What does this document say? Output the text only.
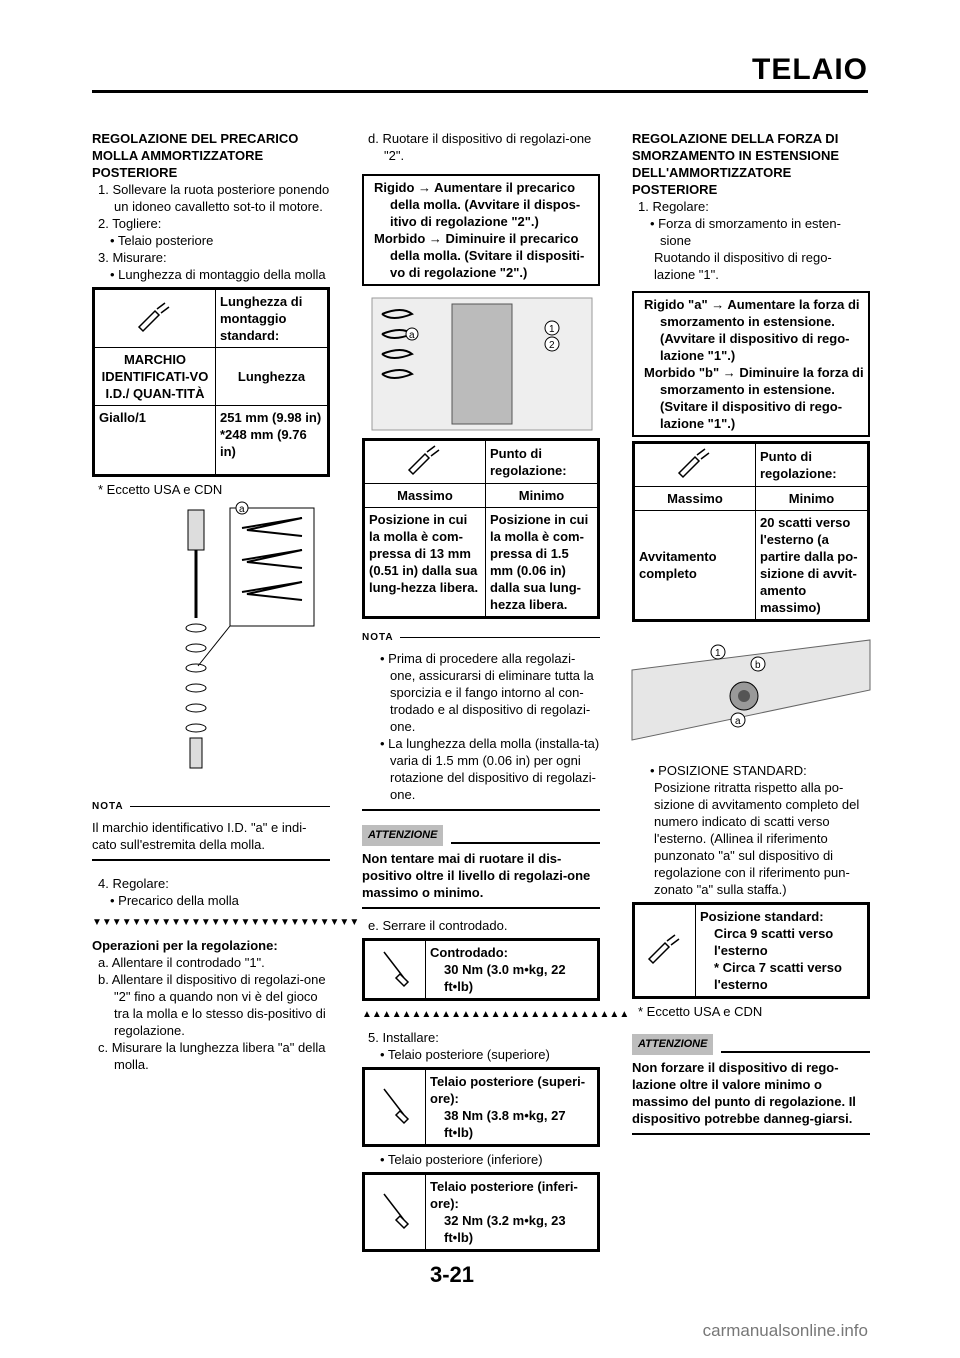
TELAIO

REGOLAZIONE DEL PRECARICO MOLLA AMMORTIZZATORE POSTERIORE

1. Sollevare la ruota posteriore ponendo un idoneo cavalletto sot-to il motore.

2. Togliere:

• Telaio posteriore

3. Misurare:

• Lunghezza di montaggio della molla

	Lunghezza di montaggio standard:
MARCHIO IDENTIFICATI-VO I.D./ QUAN-TITÀ	Lunghezza
Giallo/1	251 mm (9.98 in) *248 mm (9.76 in)

* Eccetto USA e CDN

a
NOTA

Il marchio identificativo I.D. "a" e indi-cato sull'estremita della molla.

4. Regolare:

• Precarico della molla

▼▼▼▼▼▼▼▼▼▼▼▼▼▼▼▼▼▼▼▼▼▼▼▼▼▼▼

Operazioni per la regolazione:

a. Allentare il controdado "1".

b. Allentare il dispositivo di regolazi-one "2" fino a quando non vi è del gioco tra la molla e lo stesso dis-positivo di regolazione.

c. Misurare la lunghezza libera "a" della molla.

d. Ruotare il dispositivo di regolazi-one "2".

Rigido → Aumentare il precarico della molla. (Avvitare il dispos-itivo di regolazione "2".)

Morbido → Diminuire il precarico della molla. (Svitare il dispositi-vo di regolazione "2".)

1
2
a
	Punto di regolazione:
Massimo	Minimo
Posizione in cui la molla è com-pressa di 13 mm (0.51 in) dalla sua lung-hezza libera.	Posizione in cui la molla è com-pressa di 1.5 mm (0.06 in) dalla sua lung-hezza libera.
NOTA

• Prima di procedere alla regolazi-one, assicurarsi di eliminare tutta la sporcizia e il fango intorno al con-trodado e al dispositivo di regolazi-one.

• La lunghezza della molla (installa-ta) varia di 1.5 mm (0.06 in) per ogni rotazione del dispositivo di regolazi-one.

ATTENZIONE

Non tentare mai di ruotare il dis-positivo oltre il livello di regolazi-one massimo o minimo.

e. Serrare il controdado.

Controdado:
30 Nm (3.0 m•kg, 22 ft•lb)
▲▲▲▲▲▲▲▲▲▲▲▲▲▲▲▲▲▲▲▲▲▲▲▲▲▲▲

5. Installare:

• Telaio posteriore (superiore)

Telaio posteriore (superi-ore):
38 Nm (3.8 m•kg, 27 ft•lb)

• Telaio posteriore (inferiore)

Telaio posteriore (inferi-ore):
32 Nm (3.2 m•kg, 23 ft•lb)

REGOLAZIONE DELLA FORZA DI SMORZAMENTO IN ESTENSIONE DELL'AMMORTIZZATORE POSTERIORE

1. Regolare:

• Forza di smorzamento in esten-sione

Ruotando il dispositivo di rego-lazione "1".

Rigido "a" → Aumentare la forza di smorzamento in estensione. (Avvitare il dispositivo di rego-lazione "1".)

Morbido "b" → Diminuire la forza di smorzamento in estensione. (Svitare il dispositivo di rego-lazione "1".)

	Punto di regolazione:
Massimo	Minimo
Avvitamento completo	20 scatti verso l'esterno (a partire dalla po-sizione di avvit-amento massimo)
1
b
a

• POSIZIONE STANDARD:

Posizione ritratta rispetto alla po-sizione di avvitamento completo del numero indicato di scatti verso l'esterno. (Allinea il riferimento punzonato "a" sul dispositivo di regolazione con il riferimento pun-zonato "a" sulla staffa.)

Posizione standard:
Circa 9 scatti verso l'esterno
* Circa 7 scatti verso l'esterno

* Eccetto USA e CDN

ATTENZIONE

Non forzare il dispositivo di rego-lazione oltre il valore minimo o massimo del punto di regolazione. Il dispositivo potrebbe danneg-giarsi.

3-21
carmanualsonline.info
